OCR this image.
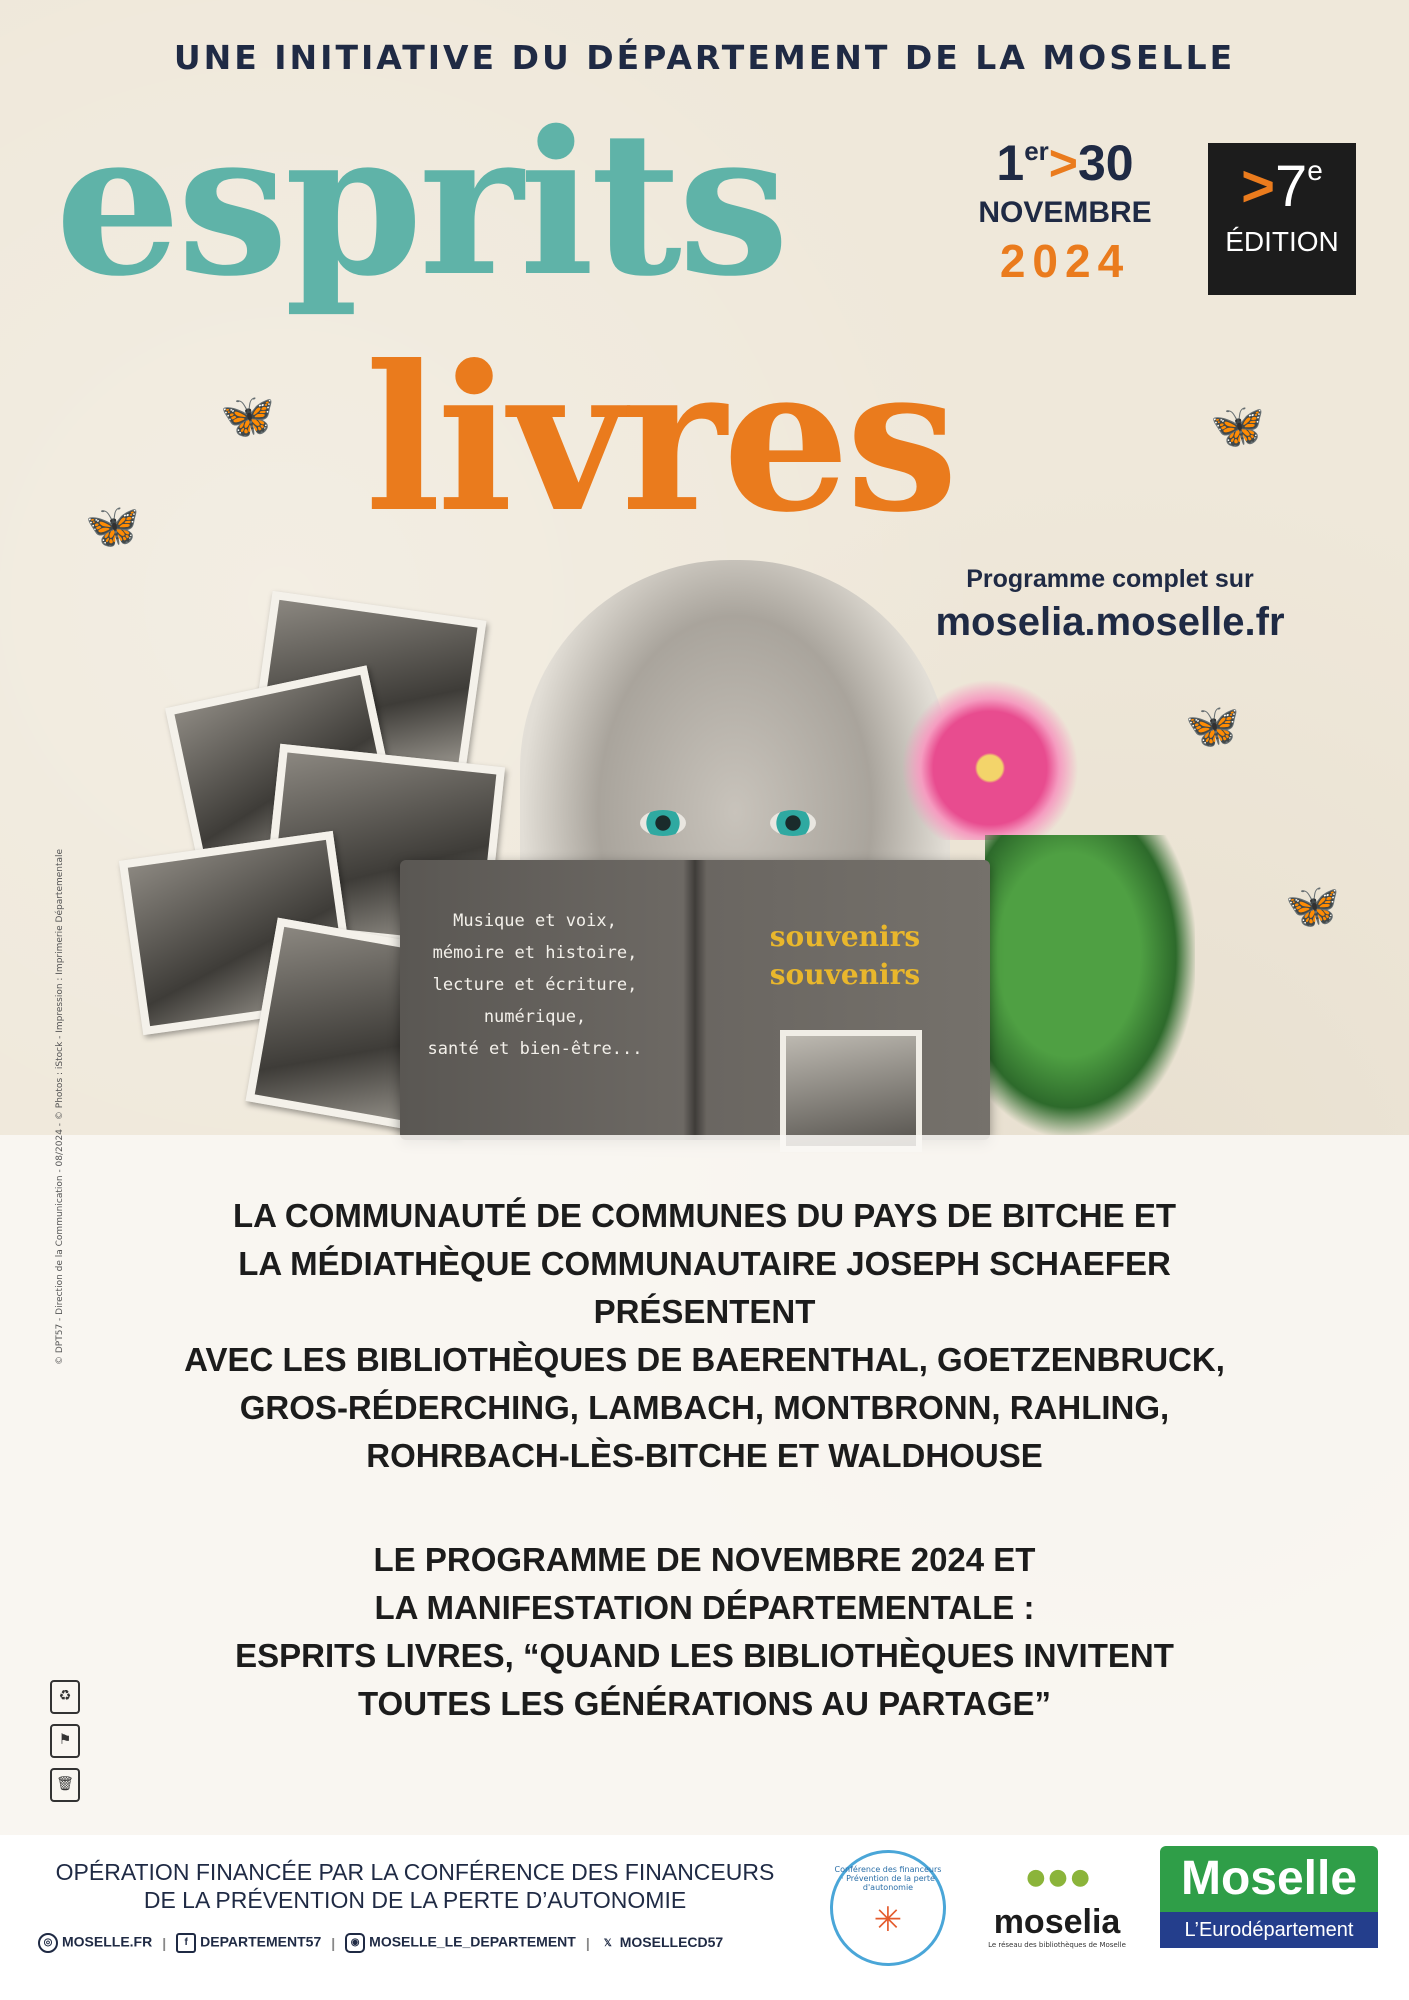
UNE INITIATIVE DU DÉPARTEMENT DE LA MOSELLE
esprits
livres
1er>30
NOVEMBRE
2024
$>7^e$
ÉDITION
Programme complet sur
moselia.moselle.fr
Musique et voix,
mémoire et histoire,
lecture et écriture,
numérique,
santé et bien-être...
souvenirs
souvenirs
🦋
🦋
🦋
🦋
🦋
LA COMMUNAUTÉ DE COMMUNES DU PAYS DE BITCHE ET
LA MÉDIATHÈQUE COMMUNAUTAIRE JOSEPH SCHAEFER
PRÉSENTENT
AVEC LES BIBLIOTHÈQUES DE BAERENTHAL, GOETZENBRUCK,
GROS-RÉDERCHING, LAMBACH, MONTBRONN, RAHLING,
ROHRBACH-LÈS-BITCHE ET WALDHOUSE
LE PROGRAMME DE NOVEMBRE 2024 ET
LA MANIFESTATION DÉPARTEMENTALE :
ESPRITS LIVRES, “QUAND LES BIBLIOTHÈQUES INVITENT
TOUTES LES GÉNÉRATIONS AU PARTAGE”
♻
⚑
🗑
OPÉRATION FINANCÉE PAR LA CONFÉRENCE DES FINANCEURS
DE LA PRÉVENTION DE LA PERTE D’AUTONOMIE
◎ MOSELLE.FR |	f DEPARTEMENT57 |	◉ MOSELLE_LE_DEPARTEMENT |	𝕏 MOSELLECD57
Conférence des financeurs · Prévention de la perte d'autonomie
✳
● ● ●
moselia
Le réseau des bibliothèques de Moselle
Moselle
L’Eurodépartement
